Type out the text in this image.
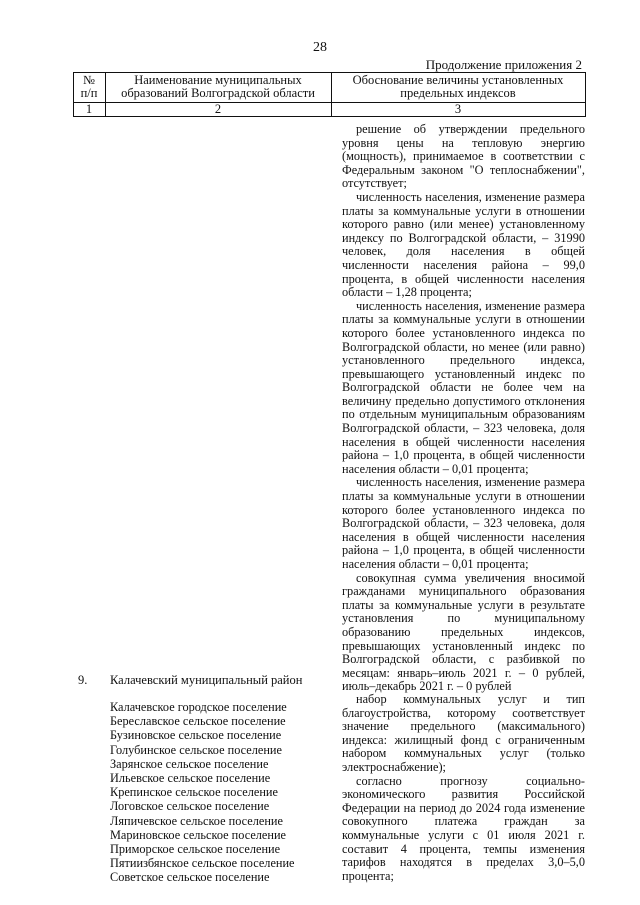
28
Продолжение приложения 2
№
п/п
Наименование муниципальных
образований Волгоградской области
Обоснование величины установленных
предельных индексов
1	2	3

решение об утверждении предельного уровня цены на тепловую энергию (мощность), принимаемое в соответствии с Федеральным законом "О теплоснабжении", отсутствует;

численность населения, изменение размера платы за коммунальные услуги в отношении которого равно (или менее) установленному индексу по Волгоградской области, – 31990 человек, доля населения в общей численности населения района – 99,0 процента, в общей численности населения области – 1,28 процента;

численность населения, изменение размера платы за коммунальные услуги в отношении которого более установленного индекса по Волгоградской области, но менее (или равно) установленного предельного индекса, превышающего установленный индекс по Волгоградской области не более чем на величину предельно допустимого отклонения по отдельным муниципальным образованиям Волгоградской области, – 323 человека, доля населения в общей численности населения района – 1,0 процента, в общей численности населения области – 0,01 процента;

численность населения, изменение размера платы за коммунальные услуги в отношении которого более установленного индекса по Волгоградской области, – 323 человека, доля населения в общей численности населения района – 1,0 процента, в общей численности населения области – 0,01 процента;

совокупная сумма увеличения вносимой гражданами муниципального образования платы за коммунальные услуги в результате установления по муниципальному образованию предельных индексов, превышающих установленный индекс по Волгоградской области, с разбивкой по месяцам: январь–июль 2021 г. – 0 рублей, июль–декабрь 2021 г. – 0 рублей

9. Калачевский муниципальный район
Калачевское городское поселение
Береславское сельское поселение
Бузиновское сельское поселение
Голубинское сельское поселение
Зарянское сельское поселение
Ильевское сельское поселение
Крепинское сельское поселение
Логовское сельское поселение
Ляпичевское сельское поселение
Мариновское сельское поселение
Приморское сельское поселение
Пятиизбянское сельское поселение
Советское сельское поселение

набор коммунальных услуг и тип благоустройства, которому соответствует значение предельного (максимального) индекса: жилищный фонд с ограниченным набором коммунальных услуг (только электроснабжение);

согласно прогнозу социально-экономического развития Российской Федерации на период до 2024 года изменение совокупного платежа граждан за коммунальные услуги с 01 июля 2021 г. составит 4 процента, темпы изменения тарифов находятся в пределах 3,0–5,0 процента;
